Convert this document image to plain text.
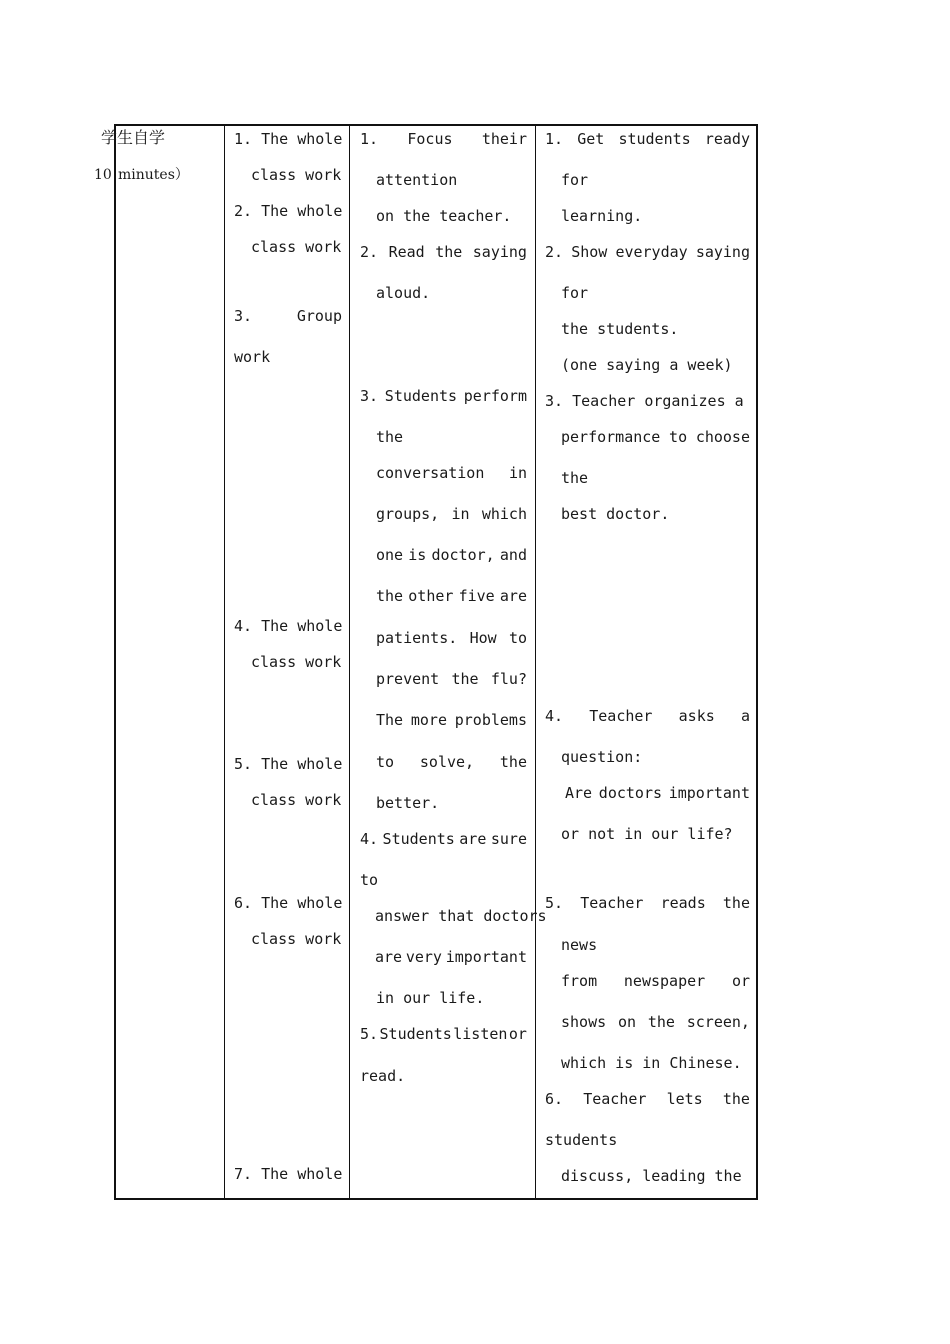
学生自学
10 minutes）
1. The whole
class work
2. The whole
class work
3.	Group
work
4. The whole
class work
5. The whole
class work
6. The whole
class work
7. The whole
1. Focus their
attention
on the teacher.
2. Read the saying
aloud.
3. Students perform
the
conversation in
groups, in which
one is doctor, and
the other five are
patients. How to
prevent the flu?
The more problems
to solve, the
better.
4. Students are sure
to
answer that doctors
are very important
in our life.
5. Students listen or
read.
1. Get students ready
for
learning.
2. Show everyday saying
for
the students.
(one saying a week)
3. Teacher organizes a
performance to choose
the
best doctor.
4. Teacher asks a
question:
Are doctors important
or not in our life?
5. Teacher reads the
news
from newspaper or
shows on the screen,
which is in Chinese.
6. Teacher lets the
students
discuss, leading the
